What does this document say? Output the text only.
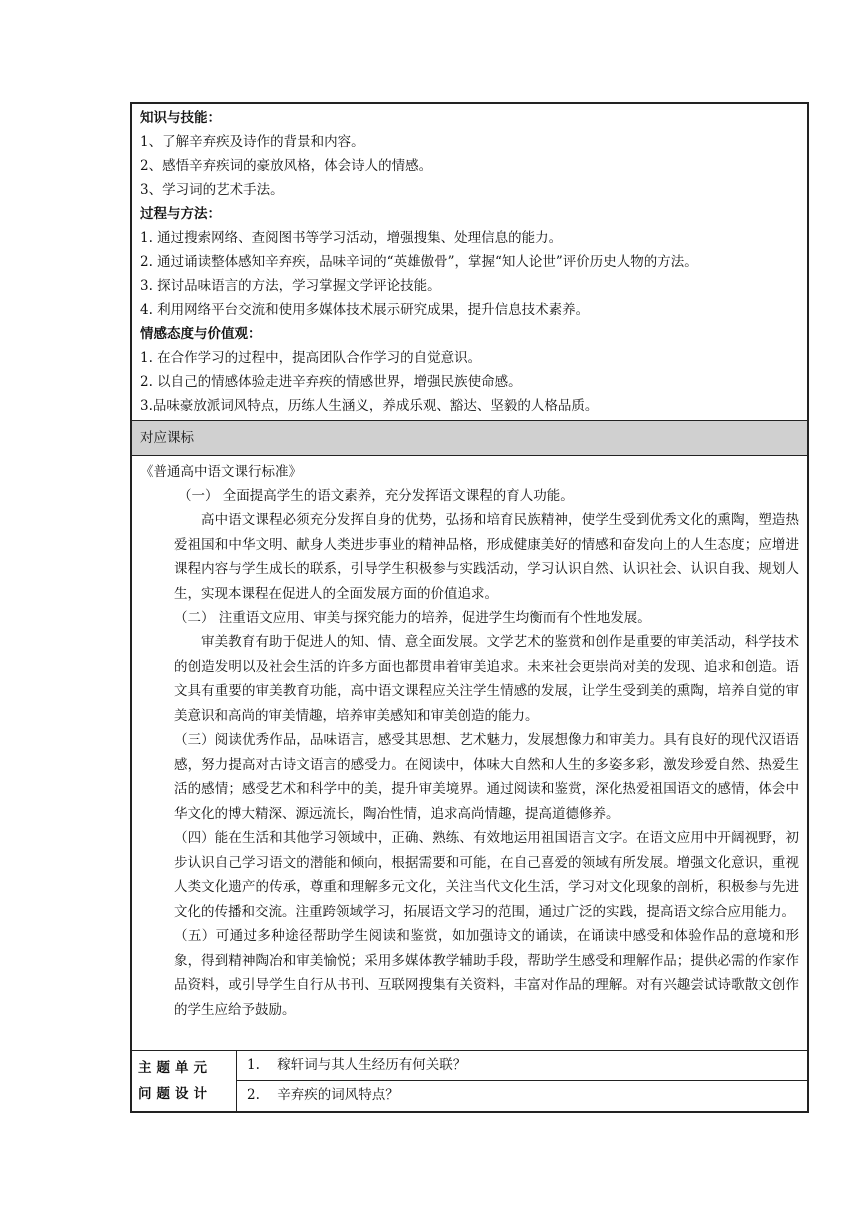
知识与技能：
1、了解辛弃疾及诗作的背景和内容。
2、感悟辛弃疾词的豪放风格，体会诗人的情感。
3、学习词的艺术手法。
过程与方法：
1. 通过搜索网络、查阅图书等学习活动，增强搜集、处理信息的能力。
2. 通过诵读整体感知辛弃疾，品味辛词的“英雄傲骨”，掌握“知人论世”评价历史人物的方法。
3. 探讨品味语言的方法，学习掌握文学评论技能。
4. 利用网络平台交流和使用多媒体技术展示研究成果，提升信息技术素养。
情感态度与价值观：
1. 在合作学习的过程中，提高团队合作学习的自觉意识。
2. 以自己的情感体验走进辛弃疾的情感世界，增强民族使命感。
3.品味豪放派词风特点，历练人生涵义，养成乐观、豁达、坚毅的人格品质。
对应课标
《普通高中语文课行标准》
（一） 全面提高学生的语文素养，充分发挥语文课程的育人功能。
高中语文课程必须充分发挥自身的优势，弘扬和培育民族精神，使学生受到优秀文化的熏陶，塑造热爱祖国和中华文明、献身人类进步事业的精神品格，形成健康美好的情感和奋发向上的人生态度；应增进课程内容与学生成长的联系，引导学生积极参与实践活动，学习认识自然、认识社会、认识自我、规划人生，实现本课程在促进人的全面发展方面的价值追求。
（二） 注重语文应用、审美与探究能力的培养，促进学生均衡而有个性地发展。
审美教育有助于促进人的知、情、意全面发展。文学艺术的鉴赏和创作是重要的审美活动，科学技术的创造发明以及社会生活的许多方面也都贯串着审美追求。未来社会更崇尚对美的发现、追求和创造。语文具有重要的审美教育功能，高中语文课程应关注学生情感的发展，让学生受到美的熏陶，培养自觉的审美意识和高尚的审美情趣，培养审美感知和审美创造的能力。
（三）阅读优秀作品，品味语言，感受其思想、艺术魅力，发展想像力和审美力。具有良好的现代汉语语感，努力提高对古诗文语言的感受力。在阅读中，体味大自然和人生的多姿多彩，激发珍爱自然、热爱生活的感情；感受艺术和科学中的美，提升审美境界。通过阅读和鉴赏，深化热爱祖国语文的感情，体会中华文化的博大精深、源远流长，陶冶性情，追求高尚情趣，提高道德修养。
（四）能在生活和其他学习领域中，正确、熟练、有效地运用祖国语言文字。在语文应用中开阔视野，初步认识自己学习语文的潜能和倾向，根据需要和可能，在自己喜爱的领域有所发展。增强文化意识，重视人类文化遗产的传承，尊重和理解多元文化，关注当代文化生活，学习对文化现象的剖析，积极参与先进文化的传播和交流。注重跨领域学习，拓展语文学习的范围，通过广泛的实践，提高语文综合应用能力。
（五）可通过多种途径帮助学生阅读和鉴赏，如加强诗文的诵读，在诵读中感受和体验作品的意境和形象，得到精神陶冶和审美愉悦；采用多媒体教学辅助手段，帮助学生感受和理解作品；提供必需的作家作品资料，或引导学生自行从书刊、互联网搜集有关资料，丰富对作品的理解。对有兴趣尝试诗歌散文创作的学生应给予鼓励。
主题单元问题设计
1. 稼轩词与其人生经历有何关联？
2. 辛弃疾的词风特点？
